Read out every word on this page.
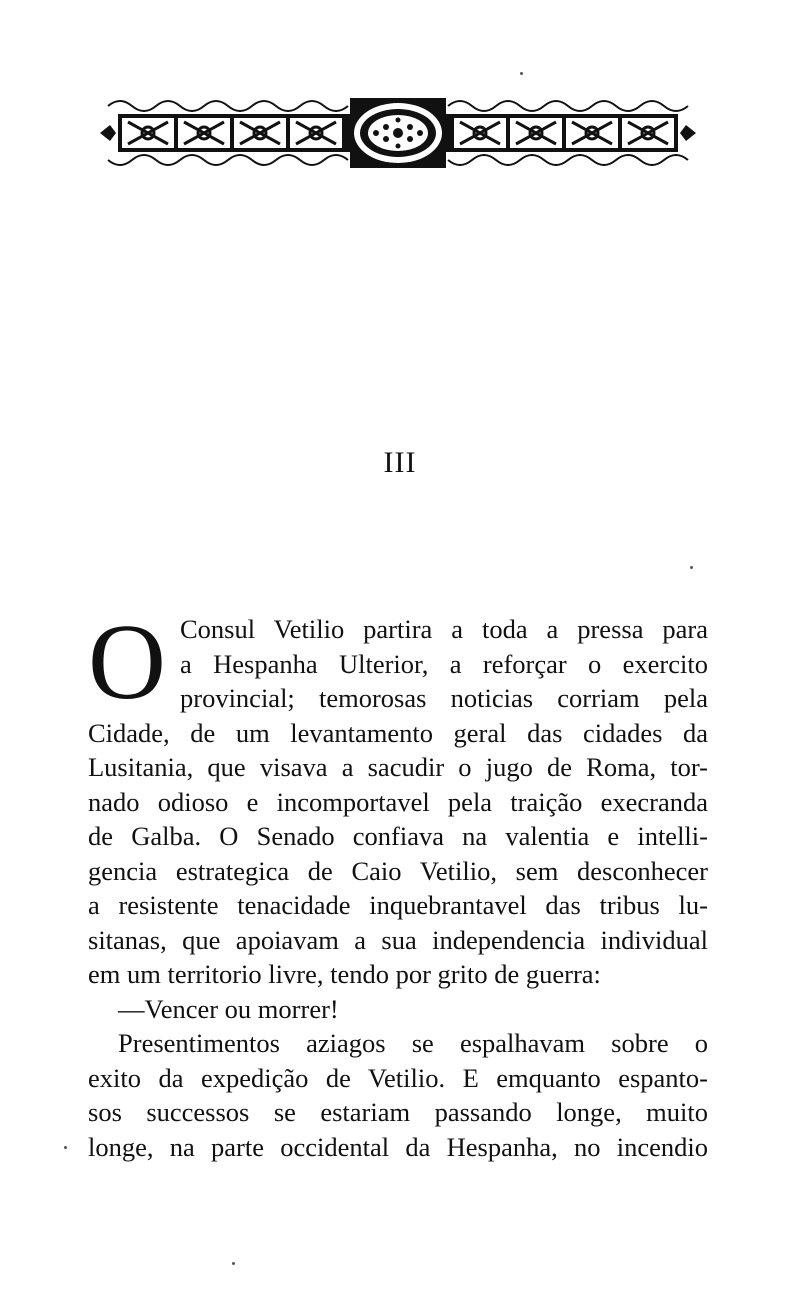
III
O Consul Vetilio partira a toda a pressa para
a Hespanha Ulterior, a reforçar o exercito
provincial; temorosas noticias corriam pela
Cidade, de um levantamento geral das cidades da
Lusitania, que visava a sacudir o jugo de Roma, tor-
nado odioso e incomportavel pela traição execranda
de Galba. O Senado confiava na valentia e intelli-
gencia estrategica de Caio Vetilio, sem desconhecer
a resistente tenacidade inquebrantavel das tribus lu-
sitanas, que apoiavam a sua independencia individual
em um territorio livre, tendo por grito de guerra:
—Vencer ou morrer!
Presentimentos aziagos se espalhavam sobre o
exito da expedição de Vetilio. E emquanto espanto-
sos successos se estariam passando longe, muito
longe, na parte occidental da Hespanha, no incendio
